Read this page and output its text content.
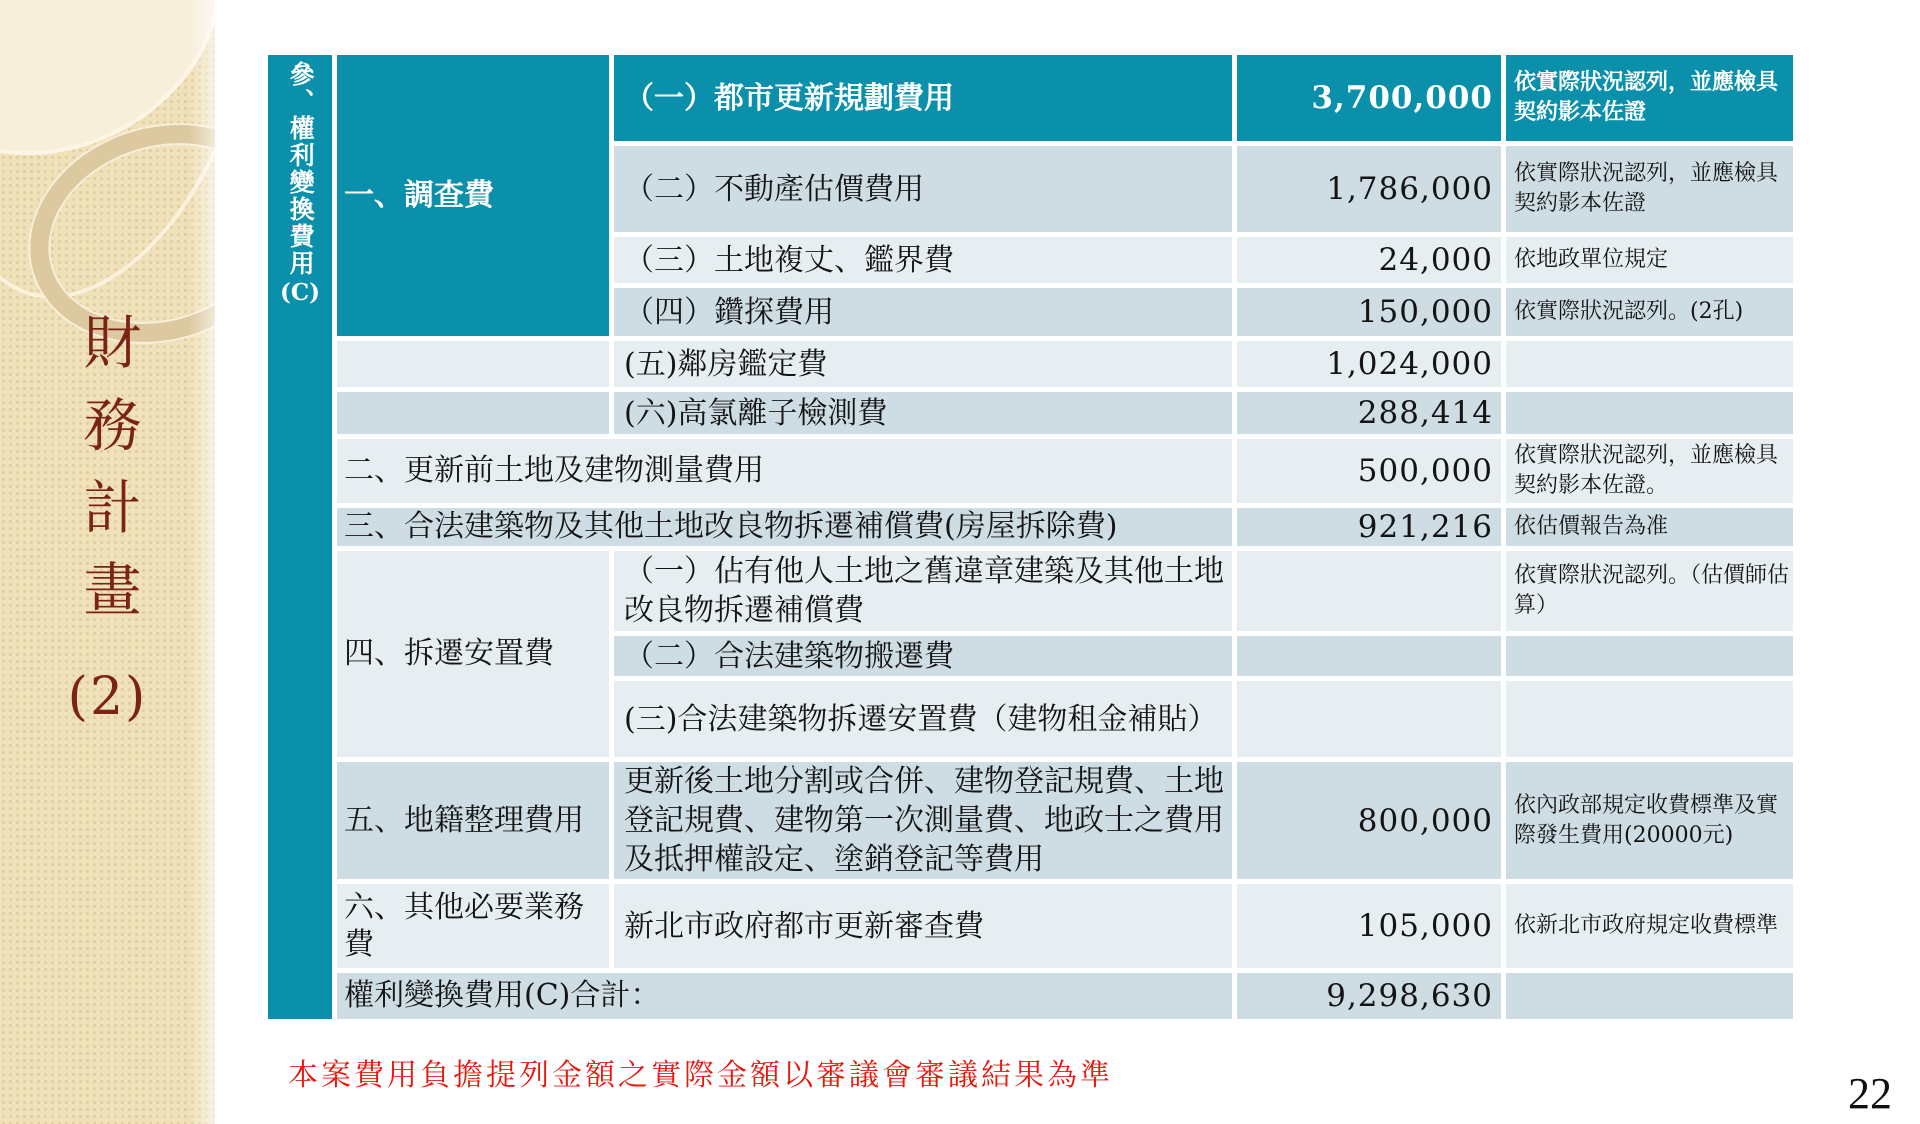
財務計畫
(2)
參、權利變換費用
(C)	一、調查費	（一）都市更新規劃費用	3,700,000	依實際狀況認列，並應檢具契約影本佐證
		（二）不動產估價費用	1,786,000	依實際狀況認列，並應檢具契約影本佐證
		（三）土地複丈、鑑界費	24,000	依地政單位規定
		（四）鑽探費用	150,000	依實際狀況認列。(2孔)
		(五)鄰房鑑定費	1,024,000	
		(六)高氯離子檢測費	288,414	
	二、更新前土地及建物測量費用		500,000	依實際狀況認列，並應檢具契約影本佐證。
	三、合法建築物及其他土地改良物拆遷補償費(房屋拆除費)		921,216	依估價報告為准
	四、拆遷安置費	（一）佔有他人土地之舊違章建築及其他土地改良物拆遷補償費		依實際狀況認列。（估價師估算）
		（二）合法建築物搬遷費		
		(三)合法建築物拆遷安置費（建物租金補貼）		
	五、地籍整理費用	更新後土地分割或合併、建物登記規費、土地登記規費、建物第一次測量費、地政士之費用及抵押權設定、塗銷登記等費用	800,000	依內政部規定收費標準及實際發生費用(20000元)
	六、其他必要業務費	新北市政府都市更新審查費	105,000	依新北市政府規定收費標準
	權利變換費用(C)合計：		9,298,630	

本案費用負擔提列金額之實際金額以審議會審議結果為準	22
